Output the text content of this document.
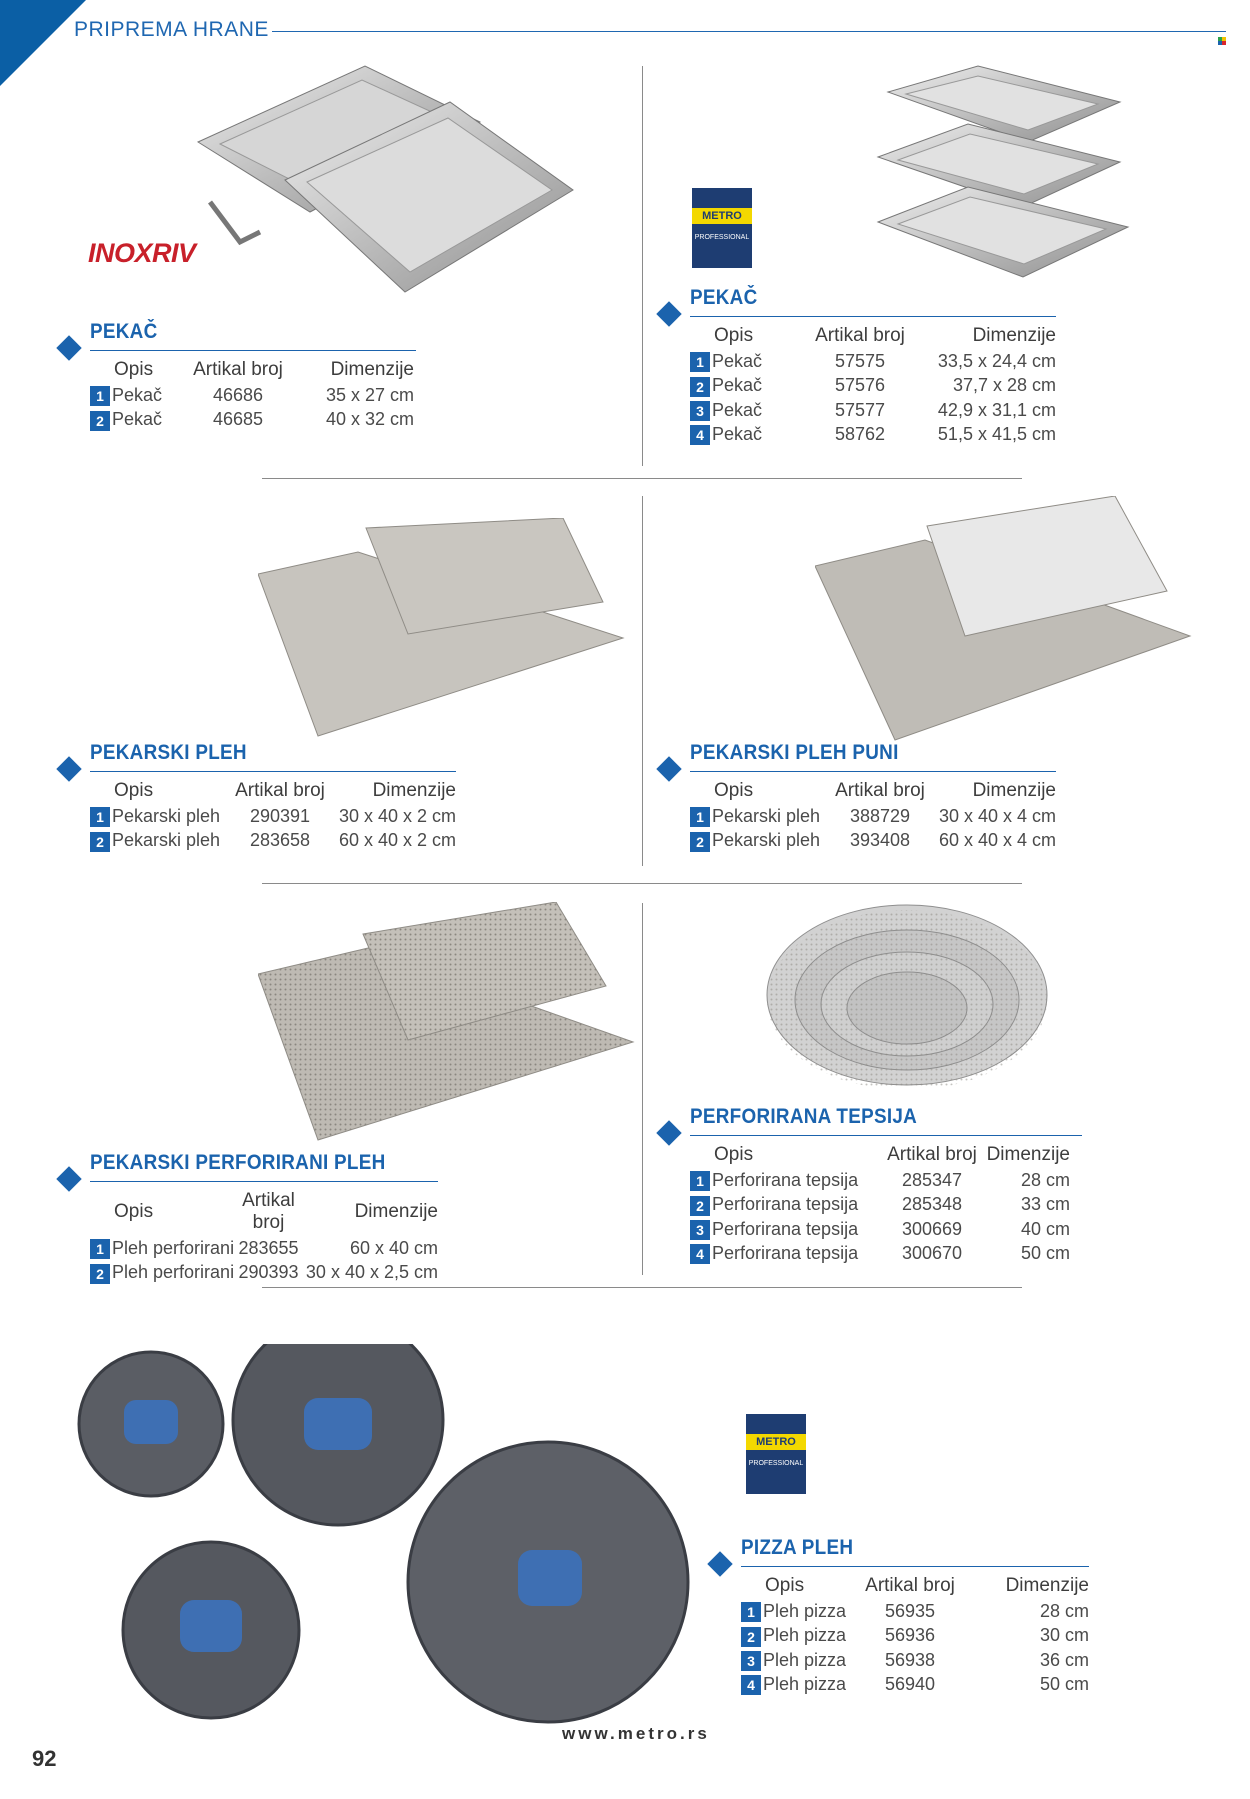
PRIPREMA HRANE
INOXRIV
METRO
PROFESSIONAL
METRO
PROFESSIONAL
PEKAČ
Opis	Artikal broj	Dimenzije
1 Pekač	46686	35 x 27 cm
2 Pekač	46685	40 x 32 cm
PEKAČ
Opis	Artikal broj	Dimenzije
1 Pekač	57575	33,5 x 24,4 cm
2 Pekač	57576	37,7 x 28 cm
3 Pekač	57577	42,9 x 31,1 cm
4 Pekač	58762	51,5 x 41,5 cm
PEKARSKI PLEH
Opis	Artikal broj	Dimenzije
1 Pekarski pleh	290391	30 x 40 x 2 cm
2 Pekarski pleh	283658	60 x 40 x 2 cm
PEKARSKI PLEH PUNI
Opis	Artikal broj	Dimenzije
1 Pekarski pleh	388729	30 x 40 x 4 cm
2 Pekarski pleh	393408	60 x 40 x 4 cm
PEKARSKI PERFORIRANI PLEH
Opis	Artikal broj	Dimenzije
1 Pleh perforirani	283655	60 x 40 cm
2 Pleh perforirani	290393	30 x 40 x 2,5 cm
PERFORIRANA TEPSIJA
Opis	Artikal broj	Dimenzije
1 Perforirana tepsija	285347	28 cm
2 Perforirana tepsija	285348	33 cm
3 Perforirana tepsija	300669	40 cm
4 Perforirana tepsija	300670	50 cm
PIZZA PLEH
Opis	Artikal broj	Dimenzije
1 Pleh pizza	56935	28 cm
2 Pleh pizza	56936	30 cm
3 Pleh pizza	56938	36 cm
4 Pleh pizza	56940	50 cm
www.metro.rs
92
